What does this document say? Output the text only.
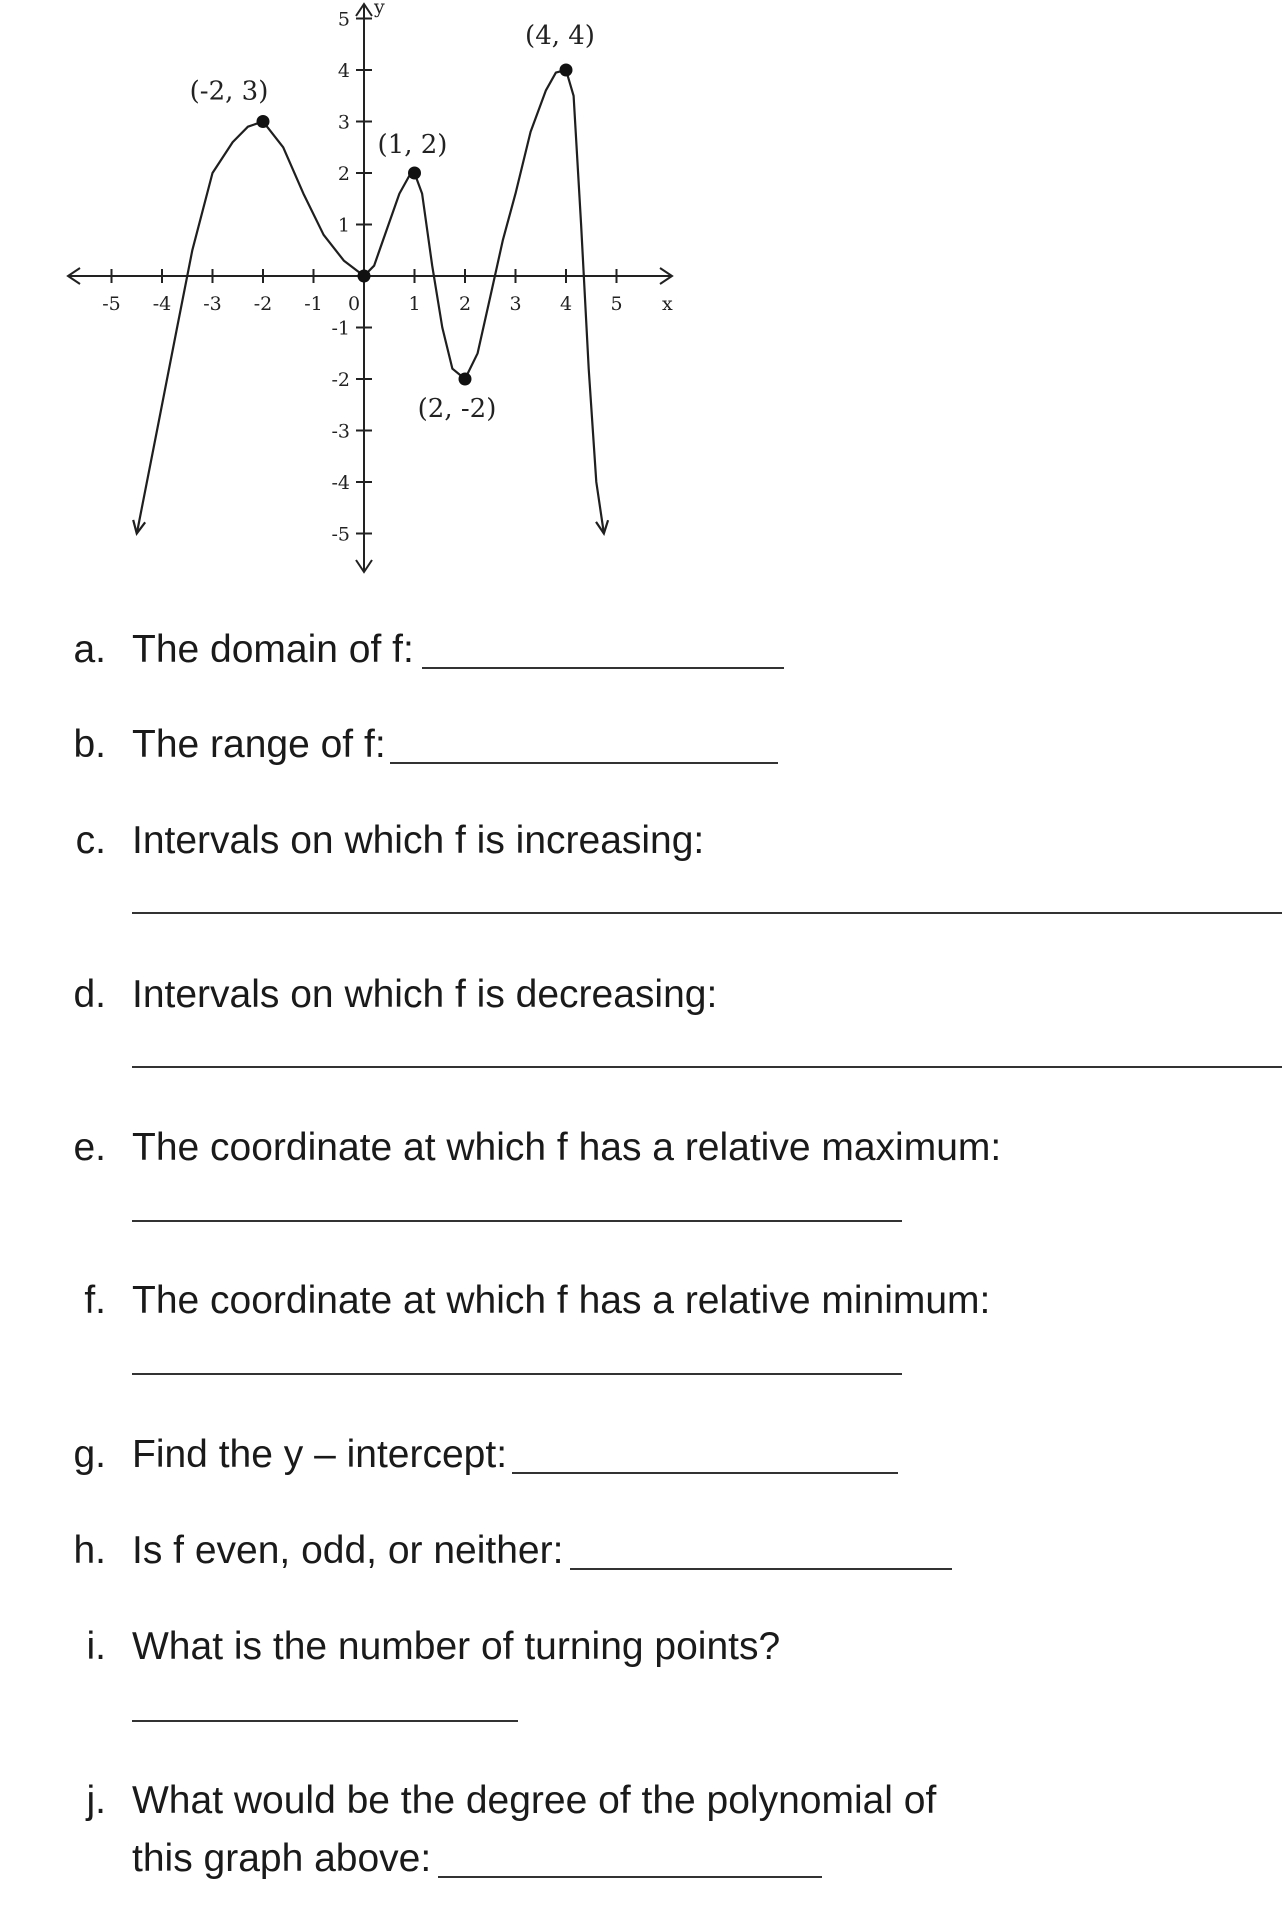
-5 -4 -3 -2 -1 0	1 2 3 4 5
5
4
3
2
1
-1
-2
-3
-4
-5
x
y
(-2, 3)
(1, 2)
(4, 4)
(2, -2)
a. The domain of f:
b. The range of f:
c. Intervals on which f is increasing:
d. Intervals on which f is decreasing:
e. The coordinate at which f has a relative maximum:
f. The coordinate at which f has a relative minimum:
g. Find the y – intercept:
h. Is f even, odd, or neither:
i. What is the number of turning points?
j. What would be the degree of the polynomial of
this graph above:
